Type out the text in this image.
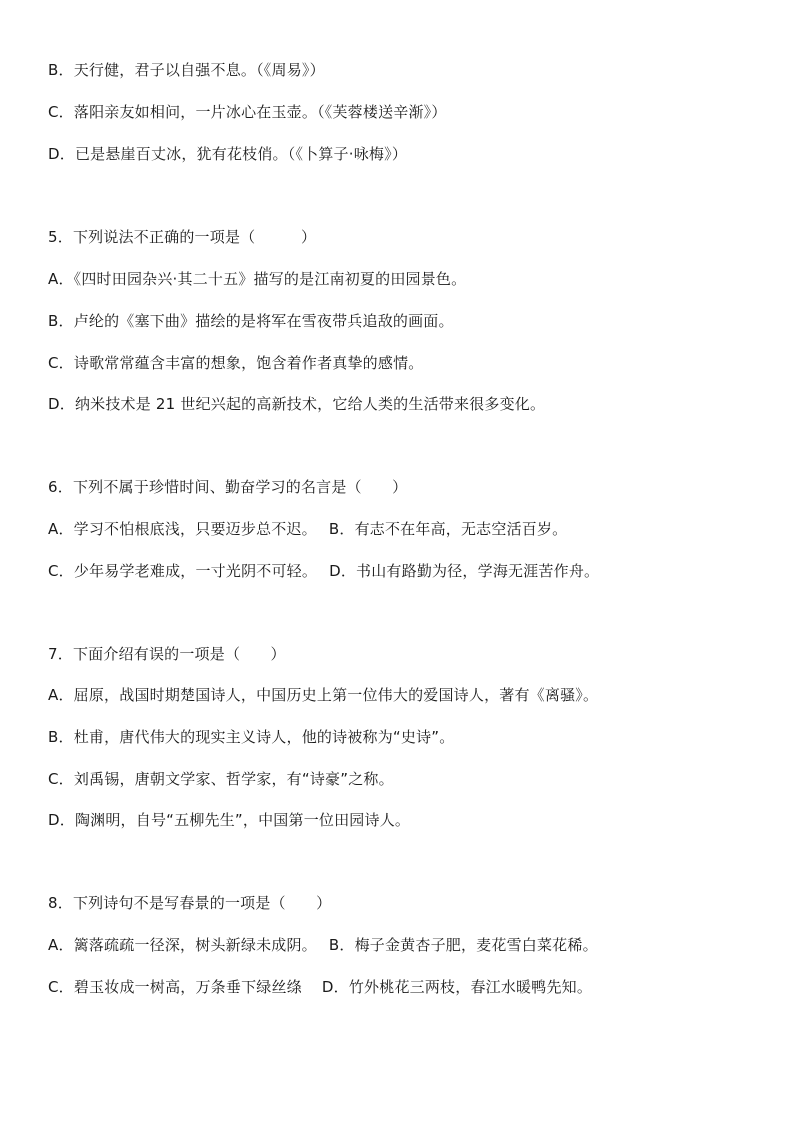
B．天行健，君子以自强不息。（《周易》）
C．落阳亲友如相问，一片冰心在玉壶。（《芙蓉楼送辛渐》）
D．已是悬崖百丈冰，犹有花枝俏。（《卜算子·咏梅》）
5．下列说法不正确的一项是（　　　）
A．《四时田园杂兴·其二十五》描写的是江南初夏的田园景色。
B．卢纶的《塞下曲》描绘的是将军在雪夜带兵追敌的画面。
C．诗歌常常蕴含丰富的想象，饱含着作者真挚的感情。
D．纳米技术是 21 世纪兴起的高新技术，它给人类的生活带来很多变化。
6．下列不属于珍惜时间、勤奋学习的名言是（　　）
A．学习不怕根底浅，只要迈步总不迟。 B．有志不在年高，无志空活百岁。
C．少年易学老难成，一寸光阴不可轻。 D．书山有路勤为径，学海无涯苦作舟。
7．下面介绍有误的一项是（　　）
A．屈原，战国时期楚国诗人，中国历史上第一位伟大的爱国诗人，著有《离骚》。
B．杜甫，唐代伟大的现实主义诗人，他的诗被称为“史诗”。
C．刘禹锡，唐朝文学家、哲学家，有“诗豪”之称。
D．陶渊明，自号“五柳先生”，中国第一位田园诗人。
8．下列诗句不是写春景的一项是（　　）
A．篱落疏疏一径深，树头新绿未成阴。 B．梅子金黄杏子肥，麦花雪白菜花稀。
C．碧玉妆成一树高，万条垂下绿丝绦 D．竹外桃花三两枝，春江水暖鸭先知。
